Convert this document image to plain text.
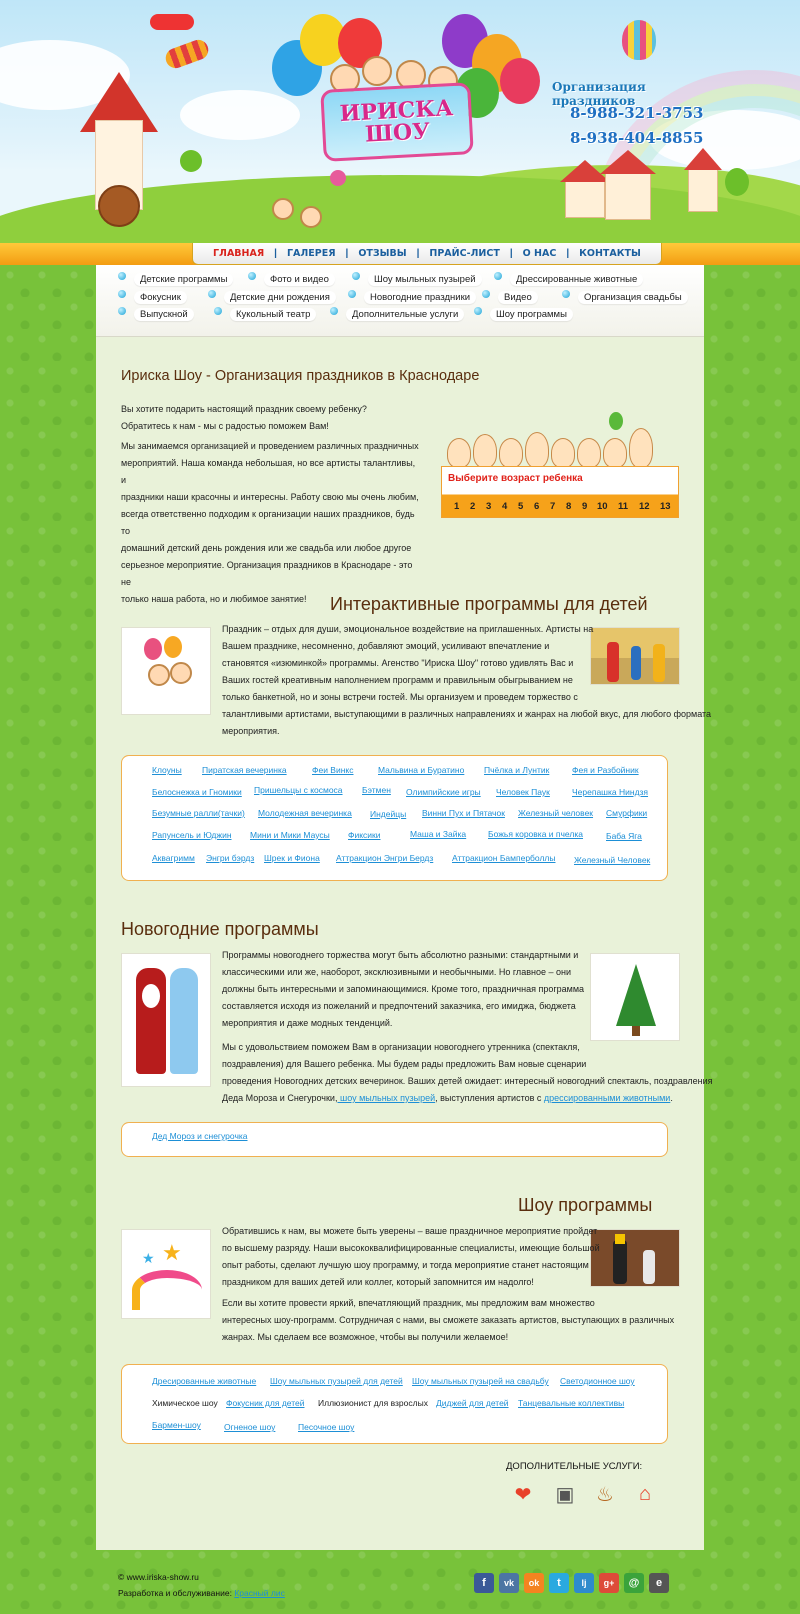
ИРИСКА
ШОУ
Организация праздников
8-988-321-3753
8-938-404-8855
ГЛАВНАЯ	|	ГАЛЕРЕЯ	|	ОТЗЫВЫ	|	ПРАЙС-ЛИСТ	|	О НАС	|	КОНТАКТЫ
Детские программы	Фото и видео	Шоу мыльных пузырей	Дрессированные животные
Фокусник	Детские дни рождения	Новогодние праздники	Видео	Организация свадьбы
Выпускной	Кукольный театр	Дополнительные услуги	Шоу программы
Ириска Шоу - Организация праздников в Краснодаре
Вы хотите подарить настоящий праздник своему ребенку?
Обратитесь к нам - мы с радостью поможем Вам!
Мы занимаемся организацией и проведением различных праздничных
мероприятий. Наша команда небольшая, но все артисты талантливы, и
праздники наши красочны и интересны. Работу свою мы очень любим,
всегда ответственно подходим к организации наших праздников, будь то
домашний детский день рождения или же свадьба или любое другое
серьезное мероприятие. Организация праздников в Краснодаре - это не
только наша работа, но и любимое занятие!
Выберите возраст ребенка
1 2 3 4 5 6 7 8 9 10 11 12 13
Интерактивные программы для детей
Праздник – отдых для души, эмоциональное воздействие на приглашенных. Артисты на
Вашем празднике, несомненно, добавляют эмоций, усиливают впечатление и
становятся «изюминкой» программы. Агенство "Ириска Шоу" готово удивлять Вас и
Ваших гостей креативным наполнением программ и правильным обыгрыванием не
только банкетной, но и зоны встречи гостей. Мы организуем и проведем торжество с
талантливыми артистами, выступающими в различных направлениях и жанрах на любой вкус, для любого формата
мероприятия.
Клоуны Пиратская вечеринка	Феи Винкс	Мальвина и Буратино Пчёлка и Лунтик	Фея и Разбойник
Белоснежка и Гномики Пришельцы с космоса Бэтмен Олимпийские игры Человек Паук	Черепашка Ниндзя
Безумные ралли(тачки) Молодежная вечеринка Индейцы Винни Пух и Пятачок Железный человек Смурфики
Рапунсель и Юджин Мини и Мики Маусы Фиксики	Маша и Зайка	Божья коровка и пчелка	Баба Яга
Аквагримм Энгри бэрдз Шрек и Фиона Аттракцион Энгри Бердз Аттракцион Бамперболлы Железный Человек
Новогодние программы
Программы новогоднего торжества могут быть абсолютно разными: стандартными и
классическими или же, наоборот, эксклюзивными и необычными. Но главное – они
должны быть интересными и запоминающимися. Кроме того, праздничная программа
составляется исходя из пожеланий и предпочтений заказчика, его имиджа, бюджета
мероприятия и даже модных тенденций.
Мы с удовольствием поможем Вам в организации новогоднего утренника (спектакля,
поздравления) для Вашего ребенка. Мы будем рады предложить Вам новые сценарии
проведения Новогодних детских вечеринок. Ваших детей ожидает: интересный новогодний спектакль, поздравления
Деда Мороза и Снегурочки, шоу мыльных пузырей, выступления артистов с дрессированными животными.
Дед Мороз и снегурочка
Шоу программы
★
★
Обратившись к нам, вы можете быть уверены – ваше праздничное мероприятие пройдет
по высшему разряду. Наши высококвалифицированные специалисты, имеющие большой
опыт работы, сделают лучшую шоу программу, и тогда мероприятие станет настоящим
праздником для ваших детей или коллег, который запомнится им надолго!
Если вы хотите провести яркий, впечатляющий праздник, мы предложим вам множество
интересных шоу-программ. Сотрудничая с нами, вы сможете заказать артистов, выступающих в различных
жанрах. Мы сделаем все возможное, чтобы вы получили желаемое!
Дресированные животные Шоу мыльных пузырей для детей Шоу мыльных пузырей на свадьбу Светодионное шоу
Химическое шоу Фокусник для детей Иллюзионист для взрослых Диджей для детей Танцевальные коллективы
Бармен-шоу	Огненое шоу	Песочное шоу
ДОПОЛНИТЕЛЬНЫЕ УСЛУГИ:
❤	▣	♨	⌂
© www.iriska-show.ru
Разработка и обслуживание: Красный лис
f	vk	ok	t	lj	g+	@	e
